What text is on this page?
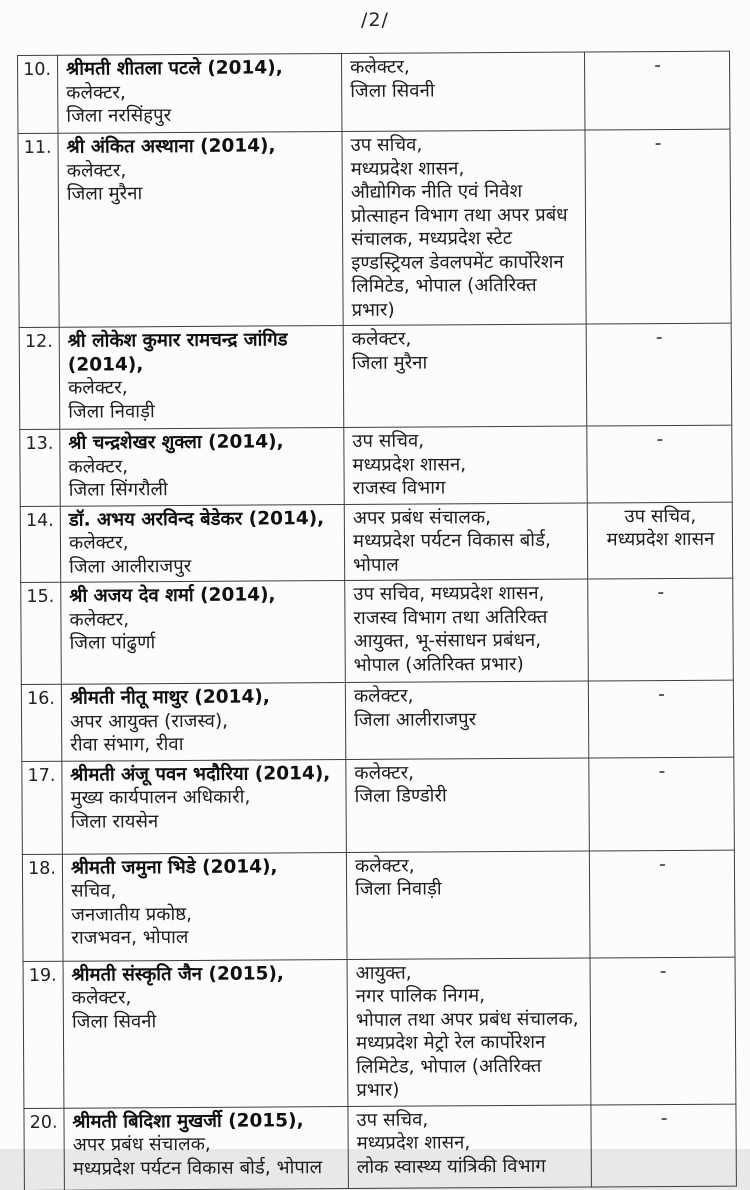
/2/
10.	श्रीमती शीतला पटले (2014),
कलेक्टर,
जिला नरसिंहपुर

कलेक्टर,
जिला सिवनी

-

11.	श्री अंकित अस्थाना (2014),
कलेक्टर,
जिला मुरैना

उप सचिव,
मध्यप्रदेश शासन,
औद्योगिक नीति एवं निवेश
प्रोत्साहन विभाग तथा अपर प्रबंध
संचालक, मध्यप्रदेश स्टेट
इण्डस्ट्रियल डेवलपमेंट कार्पोरेशन
लिमिटेड, भोपाल (अतिरिक्त प्रभार)

-

12.	श्री लोकेश कुमार रामचन्द्र जांगिड
(2014),
कलेक्टर,
जिला निवाड़ी

कलेक्टर,
जिला मुरैना

-

13.	श्री चन्द्रशेखर शुक्ला (2014),
कलेक्टर,
जिला सिंगरौली

उप सचिव,
मध्यप्रदेश शासन,
राजस्व विभाग

-

14.	डॉ. अभय अरविन्द बेडेकर (2014),
कलेक्टर,
जिला आलीराजपुर

अपर प्रबंध संचालक,
मध्यप्रदेश पर्यटन विकास बोर्ड,
भोपाल

उप सचिव,
मध्यप्रदेश शासन

15.	श्री अजय देव शर्मा (2014),
कलेक्टर,
जिला पांढुर्णा

उप सचिव, मध्यप्रदेश शासन,
राजस्व विभाग तथा अतिरिक्त
आयुक्त, भू-संसाधन प्रबंधन,
भोपाल (अतिरिक्त प्रभार)

-

16.	श्रीमती नीतू माथुर (2014),
अपर आयुक्त (राजस्व),
रीवा संभाग, रीवा

कलेक्टर,
जिला आलीराजपुर

-

17.	श्रीमती अंजू पवन भदौरिया (2014),
मुख्य कार्यपालन अधिकारी,
जिला रायसेन

कलेक्टर,
जिला डिण्डोरी

-

18.	श्रीमती जमुना भिडे (2014),
सचिव,
जनजातीय प्रकोष्ठ,
राजभवन, भोपाल

कलेक्टर,
जिला निवाड़ी

-

19.	श्रीमती संस्कृति जैन (2015),
कलेक्टर,
जिला सिवनी

आयुक्त,
नगर पालिक निगम,
भोपाल तथा अपर प्रबंध संचालक,
मध्यप्रदेश मेट्रो रेल कार्पोरेशन
लिमिटेड, भोपाल (अतिरिक्त प्रभार)

-

20.	श्रीमती बिदिशा मुखर्जी (2015),
अपर प्रबंध संचालक,
मध्यप्रदेश पर्यटन विकास बोर्ड, भोपाल

उप सचिव,
मध्यप्रदेश शासन,
लोक स्वास्थ्य यांत्रिकी विभाग

-
